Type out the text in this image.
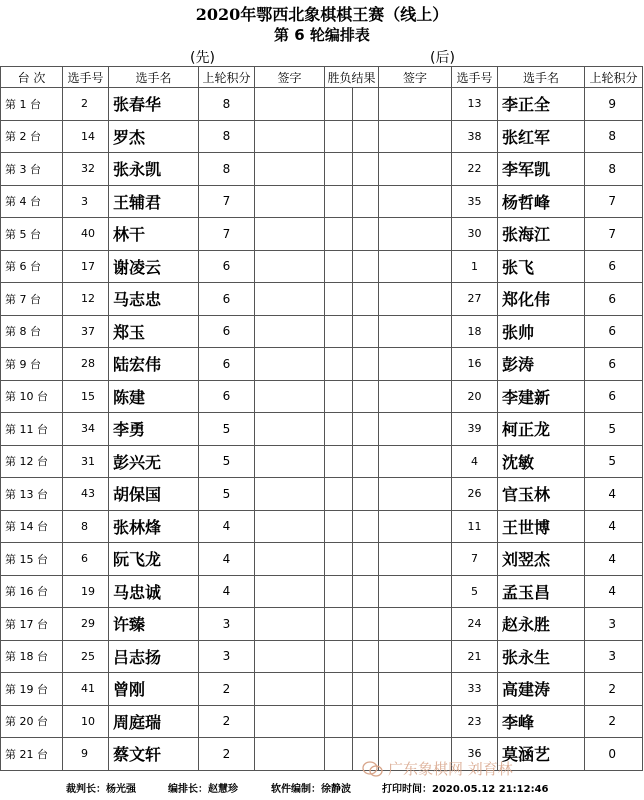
2020年鄂西北象棋棋王赛（线上）
第 6 轮编排表
(先)	(后)
台 次	选手号	选手名	上轮积分	签字	胜负结果		签字	选手号	选手名	上轮积分
第 1 台	2	张春华	8					13	李正全	9
第 2 台	14	罗杰	8					38	张红军	8
第 3 台	32	张永凯	8					22	李军凯	8
第 4 台	3	王辅君	7					35	杨哲峰	7
第 5 台	40	林干	7					30	张海江	7
第 6 台	17	谢凌云	6					1	张飞	6
第 7 台	12	马志忠	6					27	郑化伟	6
第 8 台	37	郑玉	6					18	张帅	6
第 9 台	28	陆宏伟	6					16	彭涛	6
第 10 台	15	陈建	6					20	李建新	6
第 11 台	34	李勇	5					39	柯正龙	5
第 12 台	31	彭兴无	5					4	沈敏	5
第 13 台	43	胡保国	5					26	官玉林	4
第 14 台	8	张林烽	4					11	王世博	4
第 15 台	6	阮飞龙	4					7	刘翌杰	4
第 16 台	19	马忠诚	4					5	孟玉昌	4
第 17 台	29	许臻	3					24	赵永胜	3
第 18 台	25	吕志扬	3					21	张永生	3
第 19 台	41	曾刚	2					33	高建涛	2
第 20 台	10	周庭瑞	2					23	李峰	2
第 21 台	9	蔡文轩	2					36	莫涵艺	0
裁判长：杨光强	编排长：赵慧珍	软件编制：徐静波	打印时间：2020.05.12 21:12:46
广东象棋网 刘育林
